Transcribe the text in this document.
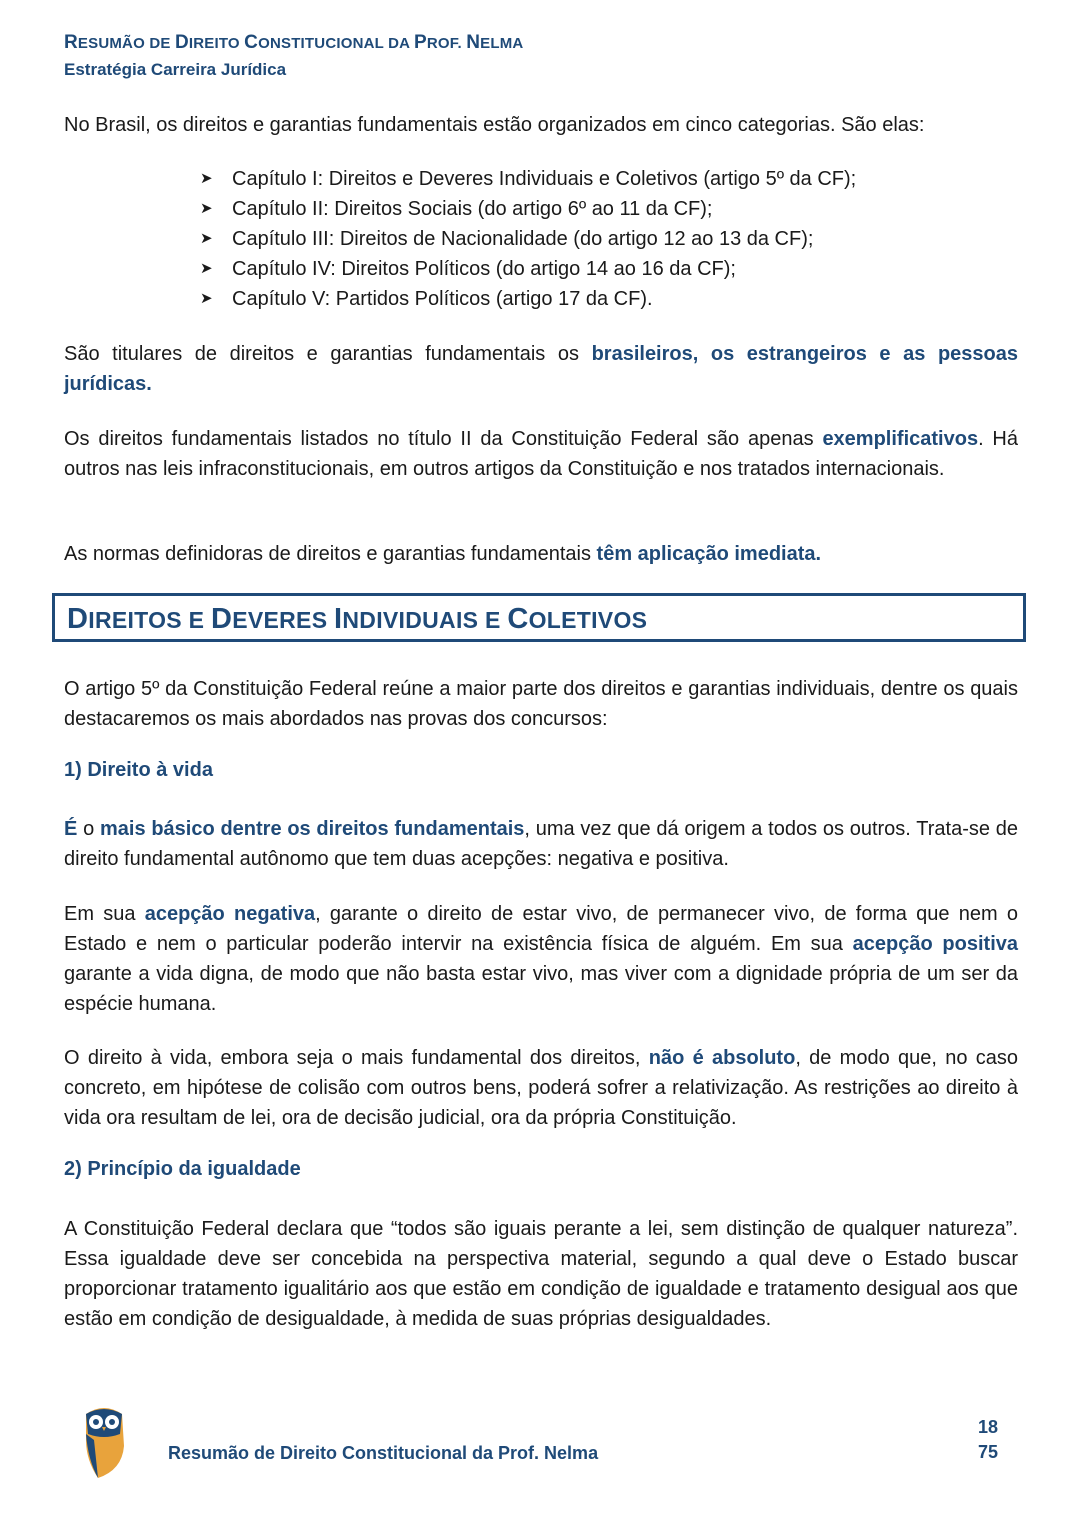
RESUMÃO DE DIREITO CONSTITUCIONAL DA PROF. NELMA
Estratégia Carreira Jurídica
No Brasil, os direitos e garantias fundamentais estão organizados em cinco categorias. São elas:
➤ Capítulo I: Direitos e Deveres Individuais e Coletivos (artigo 5º da CF);
➤ Capítulo II: Direitos Sociais (do artigo 6º ao 11 da CF);
➤ Capítulo III: Direitos de Nacionalidade (do artigo 12 ao 13 da CF);
➤ Capítulo IV: Direitos Políticos (do artigo 14 ao 16 da CF);
➤ Capítulo V: Partidos Políticos (artigo 17 da CF).
São titulares de direitos e garantias fundamentais os brasileiros, os estrangeiros e as pessoas jurídicas.
Os direitos fundamentais listados no título II da Constituição Federal são apenas exemplificativos. Há outros nas leis infraconstitucionais, em outros artigos da Constituição e nos tratados internacionais.
As normas definidoras de direitos e garantias fundamentais têm aplicação imediata.
DIREITOS E DEVERES INDIVIDUAIS E COLETIVOS
O artigo 5º da Constituição Federal reúne a maior parte dos direitos e garantias individuais, dentre os quais destacaremos os mais abordados nas provas dos concursos:
1) Direito à vida
É o mais básico dentre os direitos fundamentais, uma vez que dá origem a todos os outros. Trata-se de direito fundamental autônomo que tem duas acepções: negativa e positiva.
Em sua acepção negativa, garante o direito de estar vivo, de permanecer vivo, de forma que nem o Estado e nem o particular poderão intervir na existência física de alguém. Em sua acepção positiva garante a vida digna, de modo que não basta estar vivo, mas viver com a dignidade própria de um ser da espécie humana.
O direito à vida, embora seja o mais fundamental dos direitos, não é absoluto, de modo que, no caso concreto, em hipótese de colisão com outros bens, poderá sofrer a relativização. As restrições ao direito à vida ora resultam de lei, ora de decisão judicial, ora da própria Constituição.
2) Princípio da igualdade
A Constituição Federal declara que “todos são iguais perante a lei, sem distinção de qualquer natureza”. Essa igualdade deve ser concebida na perspectiva material, segundo a qual deve o Estado buscar proporcionar tratamento igualitário aos que estão em condição de igualdade e tratamento desigual aos que estão em condição de desigualdade, à medida de suas próprias desigualdades.
Resumão de Direito Constitucional da Prof. Nelma
18
75
